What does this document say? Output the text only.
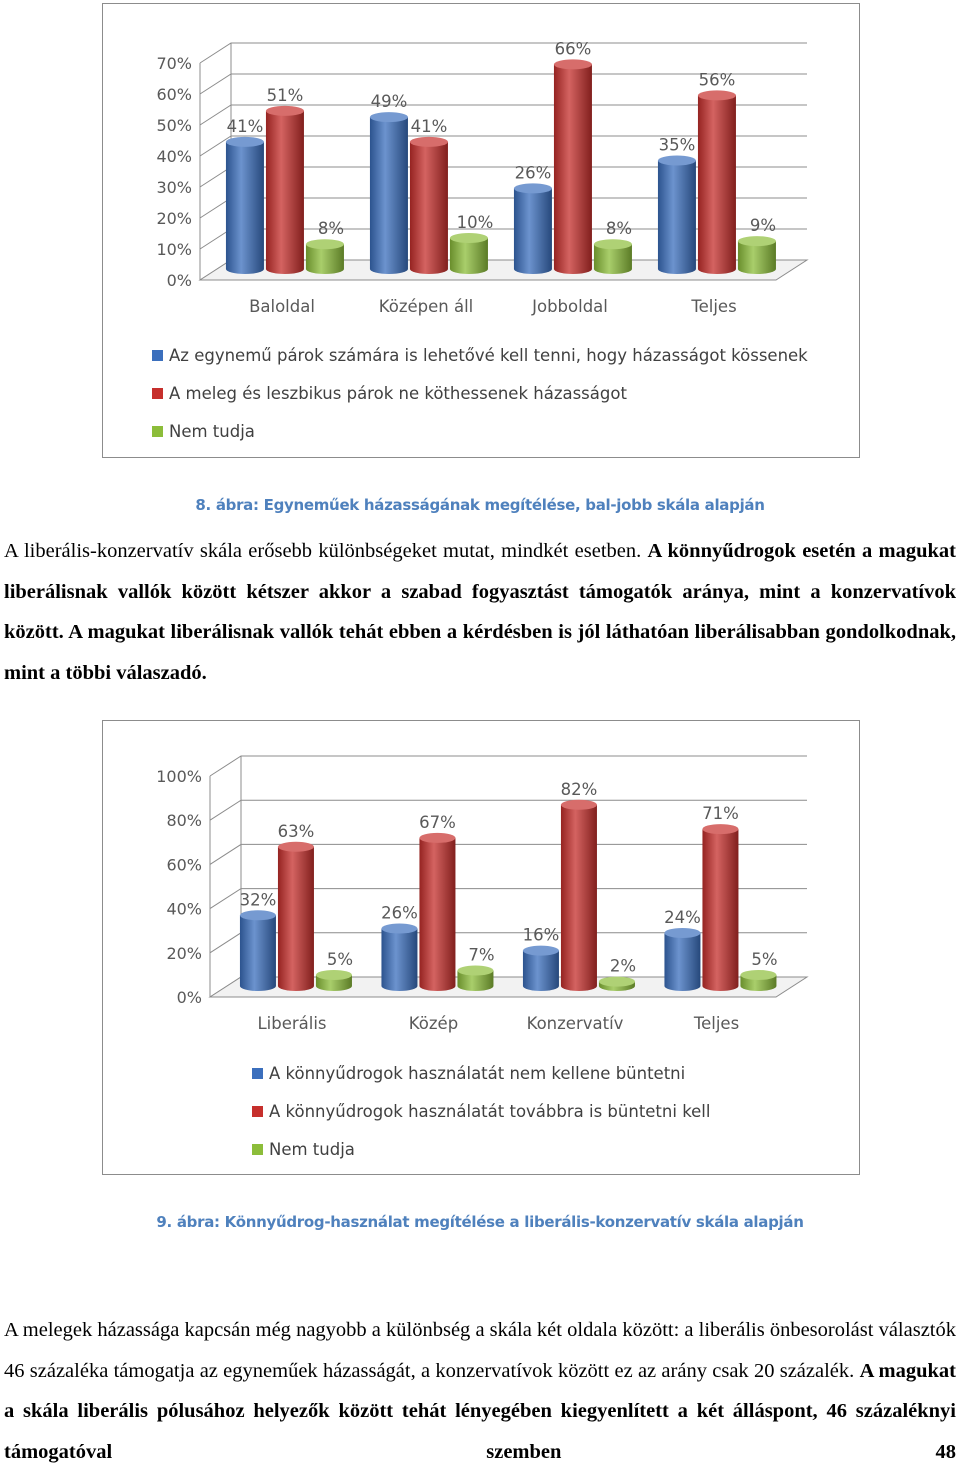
0%
10%
20%
30%
40%
50%
60%
70%
41%
51%
8%
Baloldal
49%
41%
10%
Középen áll
26%
66%
8%
Jobboldal
35%
56%
9%
Teljes
Az egynemű párok számára is lehetővé kell tenni, hogy házasságot kössenek
A meleg és leszbikus párok ne köthessenek házasságot
Nem tudja
8. ábra: Egyneműek házasságának megítélése, bal-jobb skála alapján
A liberális-konzervatív skála erősebb különbségeket mutat, mindkét esetben. A könnyűdrogok esetén a magukat liberálisnak vallók között kétszer akkor a szabad fogyasztást támogatók aránya, mint a konzervatívok között. A magukat liberálisnak vallók tehát ebben a kérdésben is jól láthatóan liberálisabban gondolkodnak, mint a többi válaszadó.
0%
20%
40%
60%
80%
100%
32%
63%
5%
Liberális
26%
67%
7%
Közép
16%
82%
2%
Konzervatív
24%
71%
5%
Teljes
A könnyűdrogok használatát nem kellene büntetni
A könnyűdrogok használatát továbbra is büntetni kell
Nem tudja
9. ábra: Könnyűdrog-használat megítélése a liberális-konzervatív skála alapján
A melegek házassága kapcsán még nagyobb a különbség a skála két oldala között: a liberális önbesorolást választók 46 százaléka támogatja az egyneműek házasságát, a konzervatívok között ez az arány csak 20 százalék. A magukat a skála liberális pólusához helyezők között tehát lényegében kiegyenlített a két álláspont, 46 százaléknyi támogatóval szemben 48
